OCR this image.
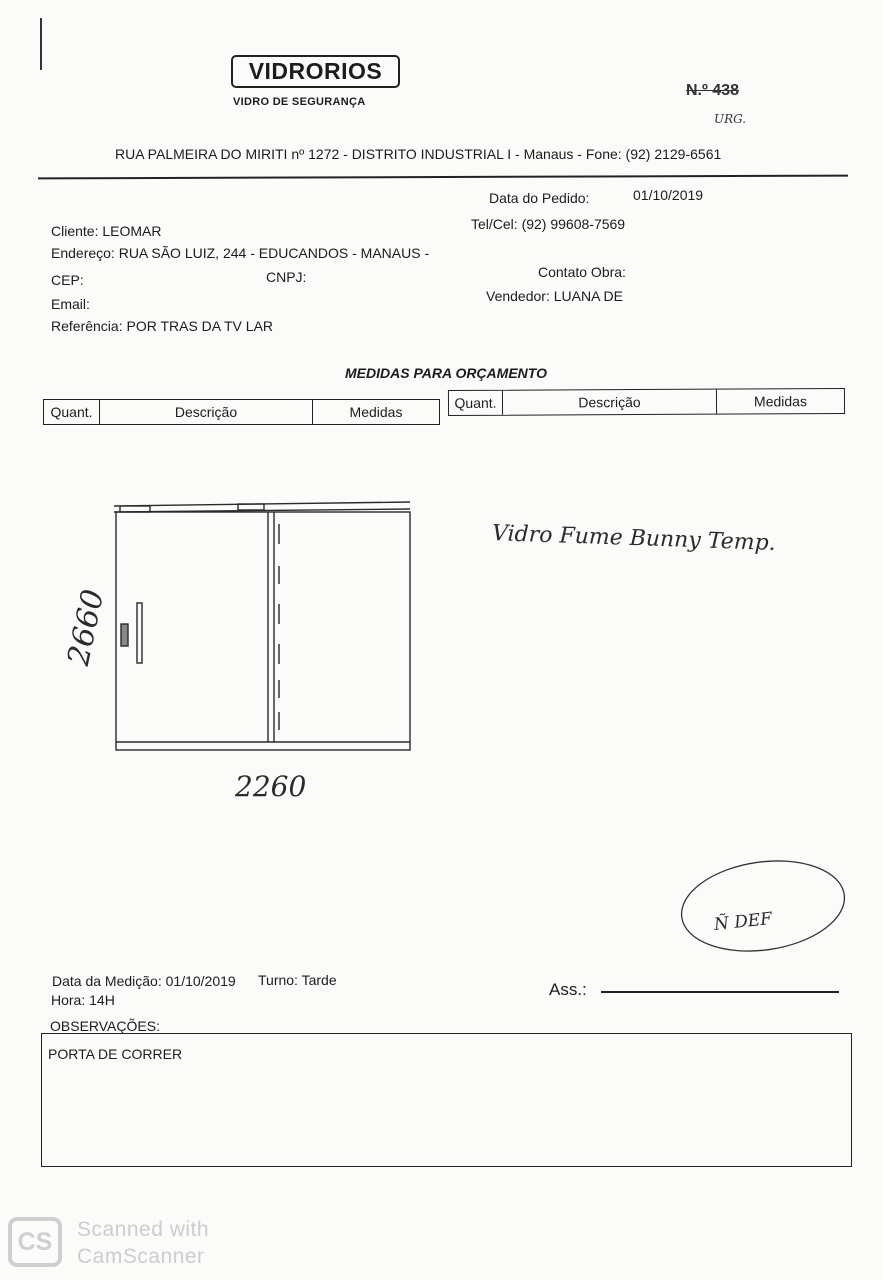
VIDRORIOS
VIDRO DE SEGURANÇA
N.º 438
URG.
RUA PALMEIRA DO MIRITI nº 1272 - DISTRITO INDUSTRIAL I - Manaus - Fone: (92) 2129-6561
Data do Pedido:	01/10/2019
Cliente: LEOMAR	Tel/Cel: (92) 99608-7569
Endereço: RUA SÃO LUIZ, 244 - EDUCANDOS - MANAUS -
CEP:	CNPJ:	Contato Obra:
Email:	Vendedor: LUANA DE
Referência: POR TRAS DA TV LAR
MEDIDAS PARA ORÇAMENTO
Quant.	Descrição	Medidas
Quant.	Descrição	Medidas
2660
2260
Vidro Fume Bunny Temp.
Ñ DEF
Data da Medição: 01/10/2019 Turno: Tarde
Hora: 14H
Ass.:
OBSERVAÇÕES:
PORTA DE CORRER
CS	Scanned with
CamScanner
